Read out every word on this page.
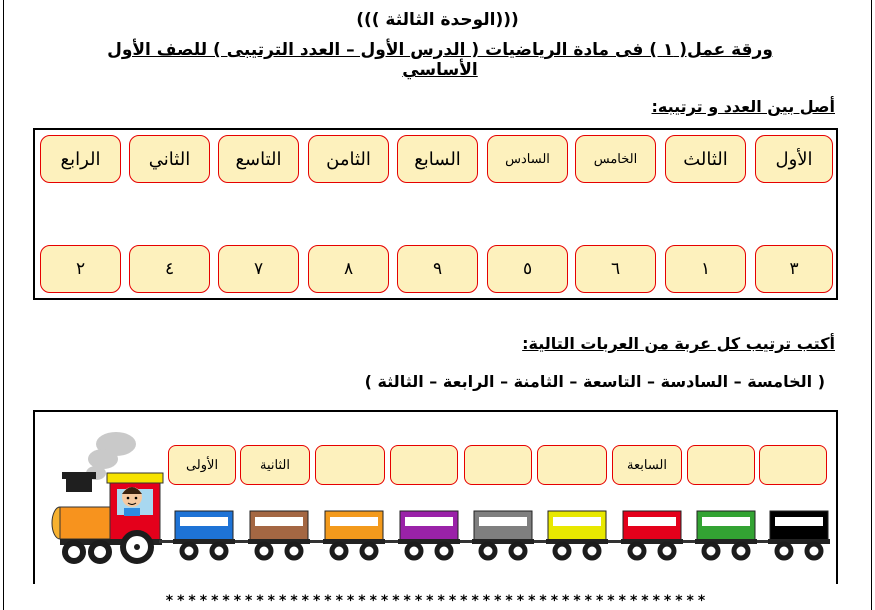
((( الوحدة الثالثة)))
ورقة عمل( ١ ) فى مادة الرياضيات ( الدرس الأول – العدد الترتيبى ) للصف الأول الأساسي
أصل بين العدد و ترتيبه:
الأول
الثالث
الخامس
السادس
السابع
الثامن
التاسع
الثاني
الرابع
٣
١
٦
٥
٩
٨
٧
٤
٢
أكتب ترتيب كل عربة من العربات التالية:
( الخامسة – السادسة – التاسعة – الثامنة – الرابعة – الثالثة )
السابعة
الثانية
الأولى
************************************************
